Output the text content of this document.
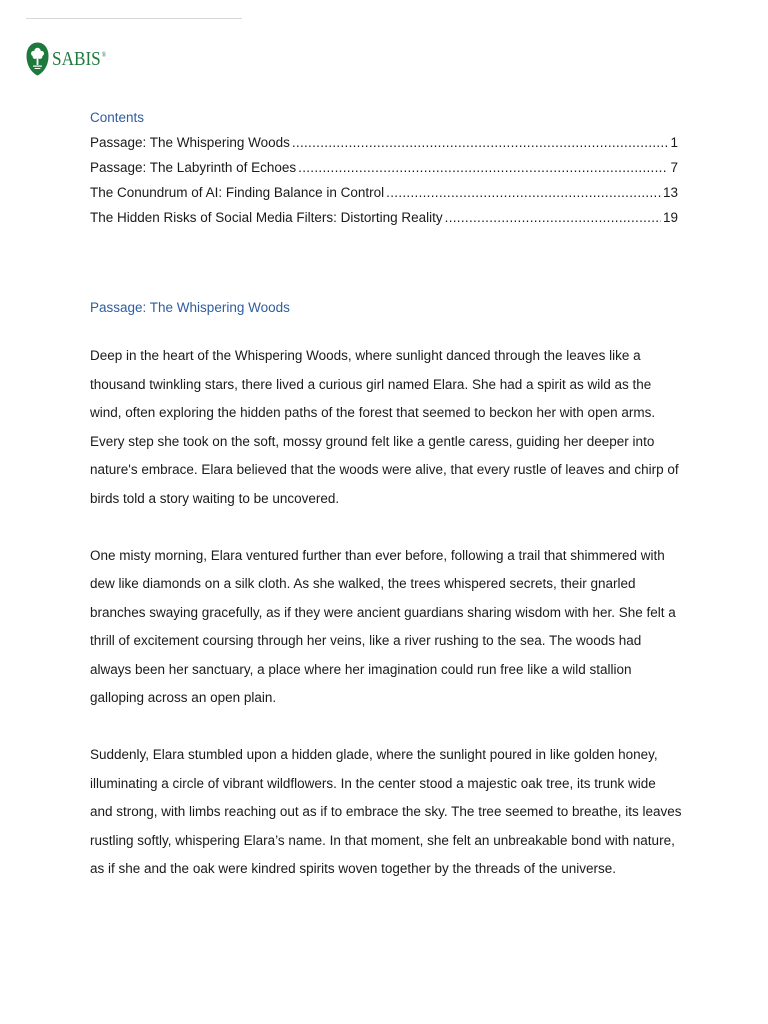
SABIS®
Contents
Passage: The Whispering Woods .....	1
Passage: The Labyrinth of Echoes .....	7
The Conundrum of AI: Finding Balance in Control .....	13
The Hidden Risks of Social Media Filters: Distorting Reality .....	19
Passage: The Whispering Woods

Deep in the heart of the Whispering Woods, where sunlight danced through the leaves like a thousand twinkling stars, there lived a curious girl named Elara. She had a spirit as wild as the wind, often exploring the hidden paths of the forest that seemed to beckon her with open arms. Every step she took on the soft, mossy ground felt like a gentle caress, guiding her deeper into nature's embrace. Elara believed that the woods were alive, that every rustle of leaves and chirp of birds told a story waiting to be uncovered.

One misty morning, Elara ventured further than ever before, following a trail that shimmered with dew like diamonds on a silk cloth. As she walked, the trees whispered secrets, their gnarled branches swaying gracefully, as if they were ancient guardians sharing wisdom with her. She felt a thrill of excitement coursing through her veins, like a river rushing to the sea. The woods had always been her sanctuary, a place where her imagination could run free like a wild stallion galloping across an open plain.

Suddenly, Elara stumbled upon a hidden glade, where the sunlight poured in like golden honey, illuminating a circle of vibrant wildflowers. In the center stood a majestic oak tree, its trunk wide and strong, with limbs reaching out as if to embrace the sky. The tree seemed to breathe, its leaves rustling softly, whispering Elara’s name. In that moment, she felt an unbreakable bond with nature, as if she and the oak were kindred spirits woven together by the threads of the universe.
